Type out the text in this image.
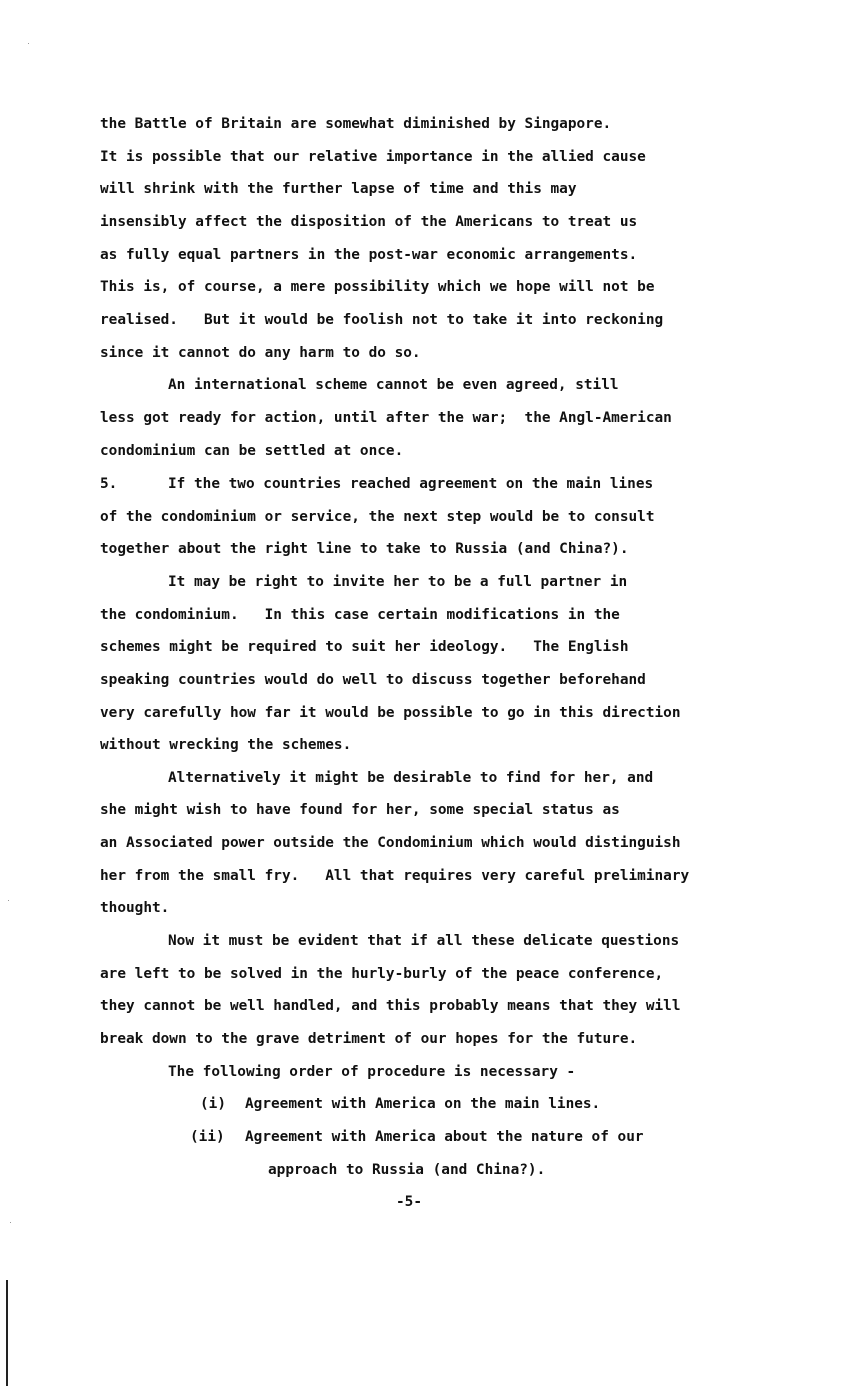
the Battle of Britain are somewhat diminished by Singapore.
It is possible that our relative importance in the allied cause
will shrink with the further lapse of time and this may
insensibly affect the disposition of the Americans to treat us
as fully equal partners in the post-war economic arrangements.
This is, of course, a mere possibility which we hope will not be
realised.   But it would be foolish not to take it into reckoning
since it cannot do any harm to do so.
An international scheme cannot be even agreed, still
less got ready for action, until after the war;  the Angl-American
condominium can be settled at once.
5.	If the two countries reached agreement on the main lines
of the condominium or service, the next step would be to consult
together about the right line to take to Russia (and China?).
It may be right to invite her to be a full partner in
the condominium.   In this case certain modifications in the
schemes might be required to suit her ideology.   The English
speaking countries would do well to discuss together beforehand
very carefully how far it would be possible to go in this direction
without wrecking the schemes.
Alternatively it might be desirable to find for her, and
she might wish to have found for her, some special status as
an Associated power outside the Condominium which would distinguish
her from the small fry.   All that requires very careful preliminary
thought.
Now it must be evident that if all these delicate questions
are left to be solved in the hurly-burly of the peace conference,
they cannot be well handled, and this probably means that they will
break down to the grave detriment of our hopes for the future.
The following order of procedure is necessary -
(i) Agreement with America on the main lines.
(ii) Agreement with America about the nature of our
approach to Russia (and China?).
-5-
